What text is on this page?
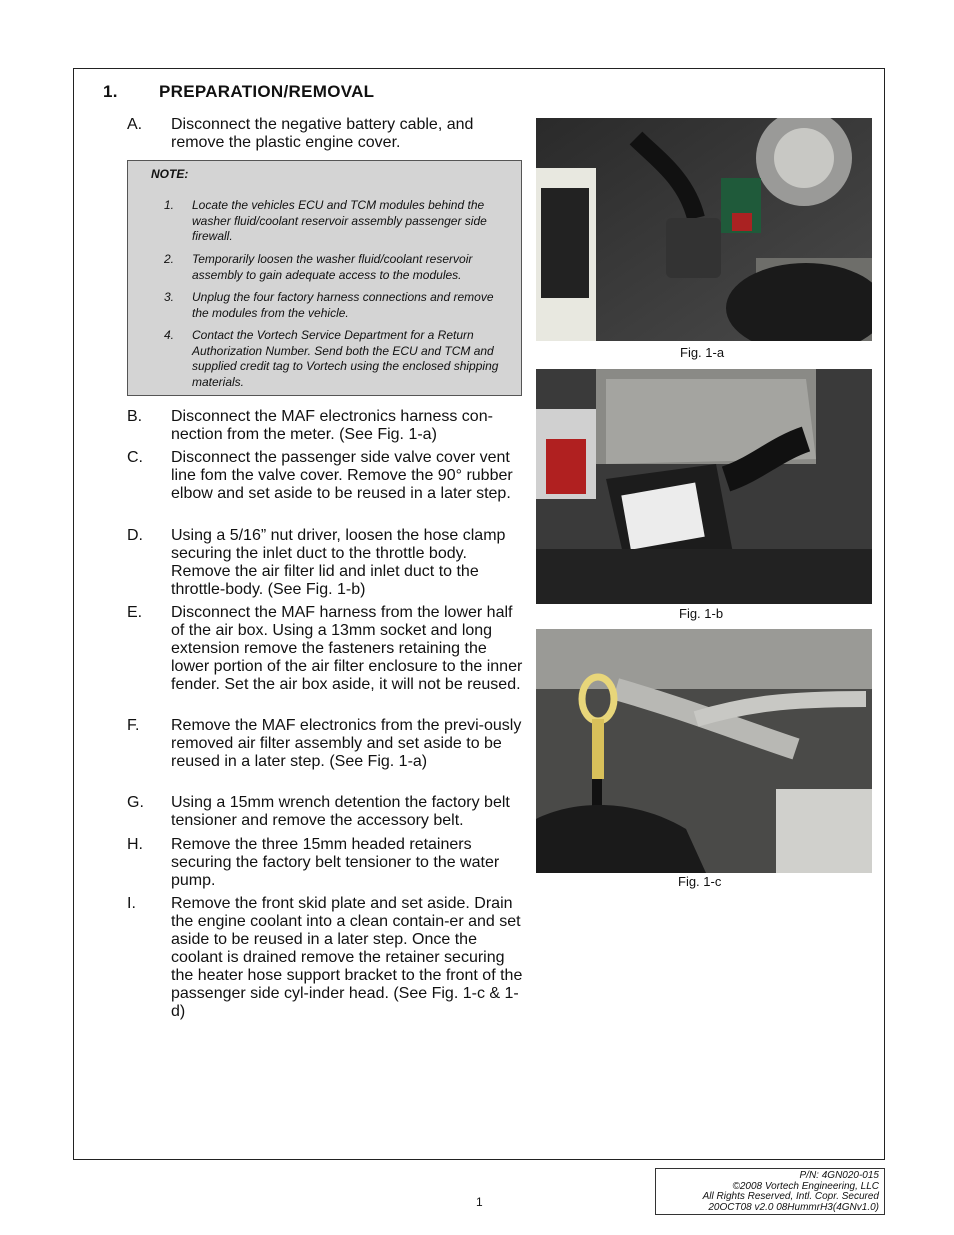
1. PREPARATION/REMOVAL
A. Disconnect the negative battery cable, and remove the plastic engine cover.
NOTE:
1. Locate the vehicles ECU and TCM modules behind the washer fluid/coolant reservoir assembly passenger side firewall.
2. Temporarily loosen the washer fluid/coolant reservoir assembly to gain adequate access to the modules.
3. Unplug the four factory harness connections and remove the modules from the vehicle.
4. Contact the Vortech Service Department for a Return Authorization Number. Send both the ECU and TCM and supplied credit tag to Vortech using the enclosed shipping materials.
B. Disconnect the MAF electronics harness con-nection from the meter. (See Fig. 1-a)
C. Disconnect the passenger side valve cover vent line fom the valve cover. Remove the 90° rubber elbow and set aside to be reused in a later step.
D. Using a 5/16” nut driver, loosen the hose clamp securing the inlet duct to the throttle body. Remove the air filter lid and inlet duct to the throttle-body. (See Fig. 1-b)
E. Disconnect the MAF harness from the lower half of the air box. Using a 13mm socket and long extension remove the fasteners retaining the lower portion of the air filter enclosure to the inner fender. Set the air box aside, it will not be reused.
F. Remove the MAF electronics from the previ-ously removed air filter assembly and set aside to be reused in a later step. (See Fig. 1-a)
G. Using a 15mm wrench detention the factory belt tensioner and remove the accessory belt.
H. Remove the three 15mm headed retainers securing the factory belt tensioner to the water pump.
I. Remove the front skid plate and set aside. Drain the engine coolant into a clean contain-er and set aside to be reused in a later step. Once the coolant is drained remove the retainer securing the heater hose support bracket to the front of the passenger side cyl-inder head. (See Fig. 1-c & 1-d)
Fig. 1-a
Fig. 1-b
Fig. 1-c
1
P/N: 4GN020-015
©2008 Vortech Engineering, LLC
All Rights Reserved, Intl. Copr. Secured
20OCT08 v2.0 08HummrH3(4GNv1.0)
